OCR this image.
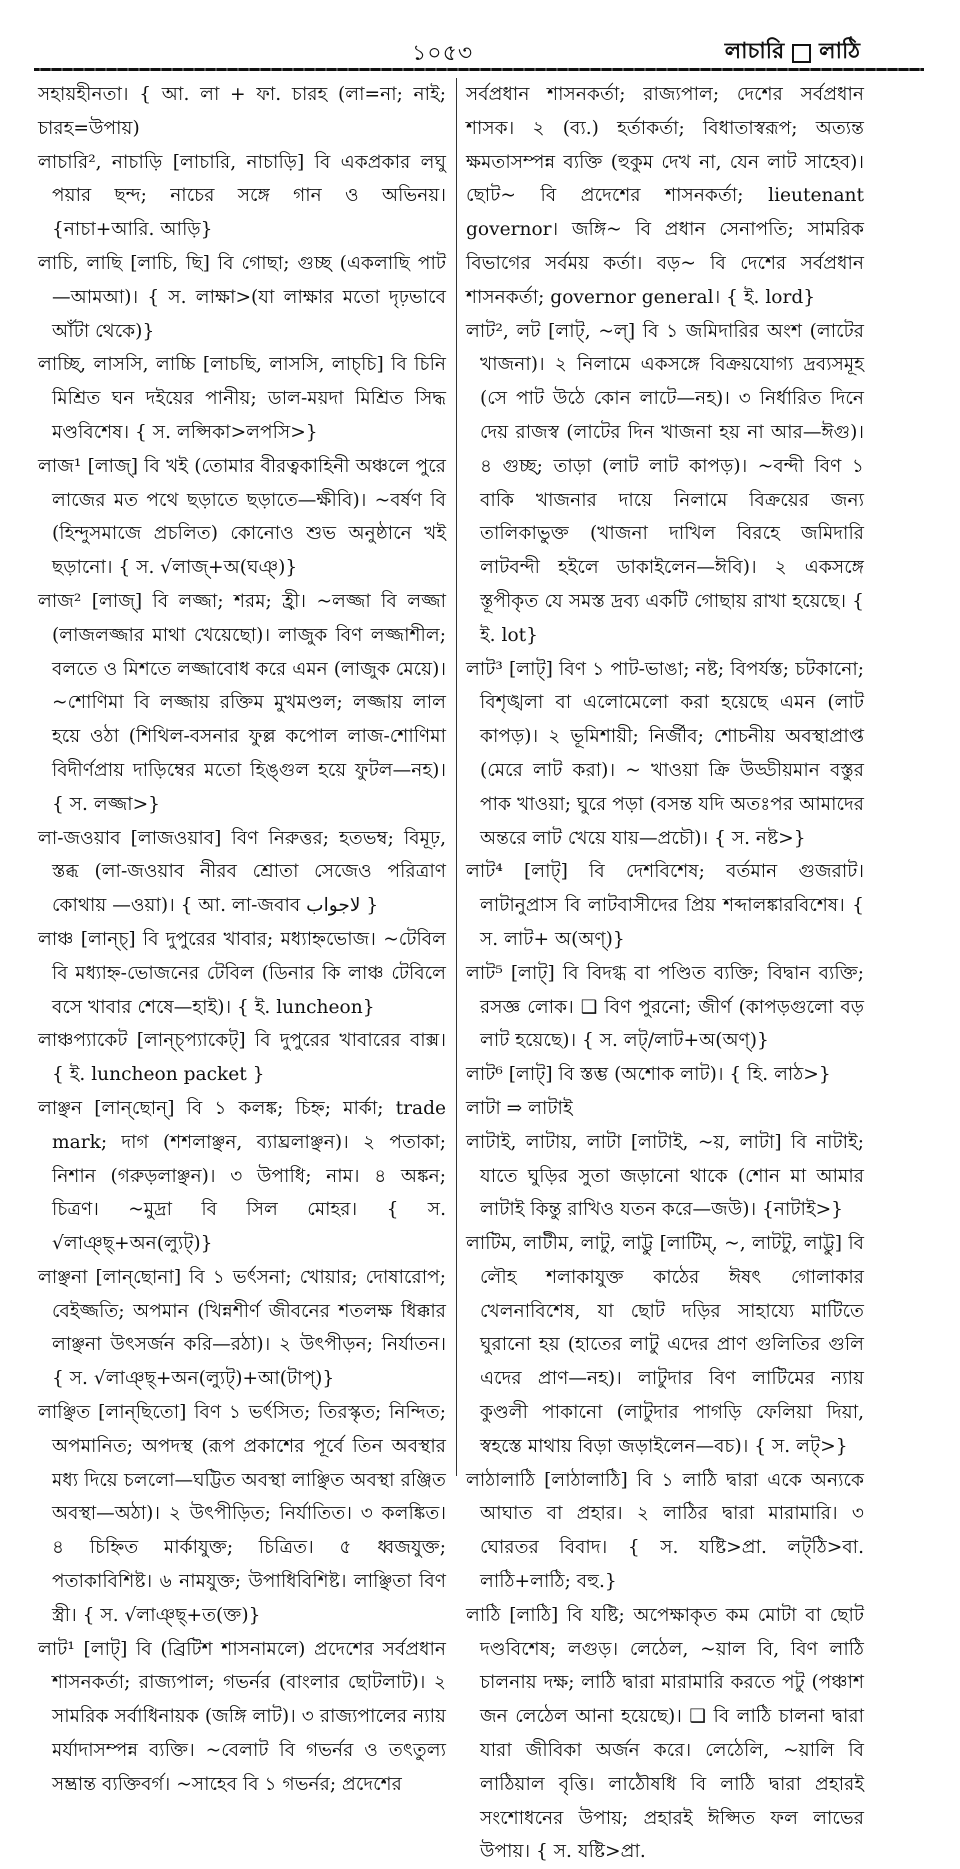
১০৫৩	লাচারি লাঠি

সহায়হীনতা। { আ. লা + ফা. চারহ (লা=না; নাই; চারহ=উপায়)

লাচারি², নাচাড়ি [লাচারি, নাচাড়ি] বি একপ্রকার লঘু পয়ার ছন্দ; নাচের সঙ্গে গান ও অভিনয়। {নাচা+আরি. আড়ি}

লাচি, লাছি [লাচি, ছি] বি গোছা; গুচ্ছ (একলাছি পাট—আমআ)। { স. লাক্ষা>(যা লাক্ষার মতো দৃঢ়ভাবে আঁটা থেকে)}

লাচ্ছি, লাসসি, লাচ্চি [লাচছি, লাসসি, লাচ্‌চি] বি চিনি মিশ্রিত ঘন দইয়ের পানীয়; ডাল-ময়দা মিশ্রিত সিদ্ধ মণ্ডবিশেষ। { স. লপ্সিকা>লপসি>}

লাজ¹ [লাজ্] বি খই (তোমার বীরত্বকাহিনী অঞ্চলে পুরে লাজের মত পথে ছড়াতে ছড়াতে—ক্ষীবি)। ~বর্ষণ বি (হিন্দুসমাজে প্রচলিত) কোনোও শুভ অনুষ্ঠানে খই ছড়ানো। { স. √লাজ্+অ(ঘঞ্)}

লাজ² [লাজ্] বি লজ্জা; শরম; হ্রী। ~লজ্জা বি লজ্জা (লাজলজ্জার মাথা খেয়েছো)। লাজুক বিণ লজ্জাশীল; বলতে ও মিশতে লজ্জাবোধ করে এমন (লাজুক মেয়ে)। ~শোণিমা বি লজ্জায় রক্তিম মুখমণ্ডল; লজ্জায় লাল হয়ে ওঠা (শিথিল-বসনার ফুল্ল কপোল লাজ-শোণিমা বিদীর্ণপ্রায় দাড়িম্বের মতো হিঙ্গুল হয়ে ফুটল—নহ)। { স. লজ্জা>}

লা-জওয়াব [লাজওয়াব] বিণ নিরুত্তর; হতভম্ব; বিমূঢ়, স্তব্ধ (লা-জওয়াব নীরব শ্রোতা সেজেও পরিত্রাণ কোথায় —ওয়া)। { আ. লা-জবাব لاجواب }

লাঞ্চ [লান্‌চ্] বি দুপুরের খাবার; মধ্যাহ্নভোজ। ~টেবিল বি মধ্যাহ্ন-ভোজনের টেবিল (ডিনার কি লাঞ্চ টেবিলে বসে খাবার শেষে—হাই)। { ই. luncheon}

লাঞ্চপ্যাকেট [লান্‌চ্‌প্যাকেট্] বি দুপুরের খাবারের বাক্স। { ই. luncheon packet }

লাঞ্ছন [লান্‌ছোন্] বি ১ কলঙ্ক; চিহ্ন; মার্কা; trade mark; দাগ (শশলাঞ্ছন, ব্যাঘ্রলাঞ্ছন)। ২ পতাকা; নিশান (গরুড়লাঞ্ছন)। ৩ উপাধি; নাম। ৪ অঙ্কন; চিত্রণ। ~মুদ্রা বি সিল মোহর। { স. √লাঞ্ছ্+অন(ল্যুট্)}

লাঞ্ছনা [লান্‌ছোনা] বি ১ ভর্ৎসনা; খোয়ার; দোষারোপ; বেইজ্জতি; অপমান (খিন্নশীর্ণ জীবনের শতলক্ষ ধিক্কার লাঞ্ছনা উৎসর্জন করি—রঠা)। ২ উৎপীড়ন; নির্যাতন। { স. √লাঞ্ছ্+অন(ল্যুট্)+আ(টাপ্)}

লাঞ্ছিত [লান্‌ছিতো] বিণ ১ ভর্ৎসিত; তিরস্কৃত; নিন্দিত; অপমানিত; অপদস্থ (রূপ প্রকাশের পূর্বে তিন অবস্থার মধ্য দিয়ে চললো—ঘট্টিত অবস্থা লাঞ্ছিত অবস্থা রঞ্জিত অবস্থা—অঠা)। ২ উৎপীড়িত; নির্যাতিত। ৩ কলঙ্কিত। ৪ চিহ্নিত মার্কাযুক্ত; চিত্রিত। ৫ ধ্বজযুক্ত; পতাকাবিশিষ্ট। ৬ নামযুক্ত; উপাধিবিশিষ্ট। লাঞ্ছিতা বিণ স্ত্রী। { স. √লাঞ্ছ্+ত(ক্ত)}

লাট¹ [লাট্] বি (ব্রিটিশ শাসনামলে) প্রদেশের সর্বপ্রধান শাসনকর্তা; রাজ্যপাল; গভর্নর (বাংলার ছোটলাট)। ২ সামরিক সর্বাধিনায়ক (জঙ্গি লাট)। ৩ রাজ্যপালের ন্যায় মর্যাদাসম্পন্ন ব্যক্তি। ~বেলাট বি গভর্নর ও তৎতুল্য সম্ভ্রান্ত ব্যক্তিবর্গ। ~সাহেব বি ১ গভর্নর; প্রদেশের

সর্বপ্রধান শাসনকর্তা; রাজ্যপাল; দেশের সর্বপ্রধান শাসক। ২ (ব্য.) হর্তাকর্তা; বিধাতাস্বরূপ; অত্যন্ত ক্ষমতাসম্পন্ন ব্যক্তি (হুকুম দেখ না, যেন লাট সাহেব)। ছোট~ বি প্রদেশের শাসনকর্তা; lieutenant governor। জঙ্গি~ বি প্রধান সেনাপতি; সামরিক বিভাগের সর্বময় কর্তা। বড়~ বি দেশের সর্বপ্রধান শাসনকর্তা; governor general। { ই. lord}

লাট², লট [লাট্, ~ল্] বি ১ জমিদারির অংশ (লাটের খাজনা)। ২ নিলামে একসঙ্গে বিক্রয়যোগ্য দ্রব্যসমূহ (সে পাট উঠে কোন লাটে—নহ)। ৩ নির্ধারিত দিনে দেয় রাজস্ব (লাটের দিন খাজনা হয় না আর—ঈগু)। ৪ গুচ্ছ; তাড়া (লাট লাট কাপড়)। ~বন্দী বিণ ১ বাকি খাজনার দায়ে নিলামে বিক্রয়ের জন্য তালিকাভুক্ত (খাজনা দাখিল বিরহে জমিদারি লাটবন্দী হইলে ডাকাইলেন—ঈবি)। ২ একসঙ্গে স্তূপীকৃত যে সমস্ত দ্রব্য একটি গোছায় রাখা হয়েছে। { ই. lot}

লাট³ [লাট্] বিণ ১ পাট-ভাঙা; নষ্ট; বিপর্যস্ত; চটকানো; বিশৃঙ্খলা বা এলোমেলো করা হয়েছে এমন (লাট কাপড়)। ২ ভূমিশায়ী; নির্জীব; শোচনীয় অবস্থাপ্রাপ্ত (মেরে লাট করা)। ~ খাওয়া ক্রি উড্ডীয়মান বস্তুর পাক খাওয়া; ঘুরে পড়া (বসন্ত যদি অতঃপর আমাদের অন্তরে লাট খেয়ে যায়—প্রচৌ)। { স. নষ্ট>}

লাট⁴ [লাট্] বি দেশবিশেষ; বর্তমান গুজরাট। লাটানুপ্রাস বি লাটবাসীদের প্রিয় শব্দালঙ্কারবিশেষ। { স. লাট+ অ(অণ্)}

লাট⁵ [লাট্] বি বিদগ্ধ বা পণ্ডিত ব্যক্তি; বিদ্বান ব্যক্তি; রসজ্ঞ লোক। ❑ বিণ পুরনো; জীর্ণ (কাপড়গুলো বড় লাট হয়েছে)। { স. লট্/লাট+অ(অণ্)}

লাট⁶ [লাট্] বি স্তম্ভ (অশোক লাট)। { হি. লাঠ>}

লাটা ⇒ লাটাই

লাটাই, লাটায়, লাটা [লাটাই, ~য়, লাটা] বি নাটাই; যাতে ঘুড়ির সুতা জড়ানো থাকে (শোন মা আমার লাটাই কিন্তু রাখিও যতন করে—জউ)। {নাটাই>}

লাটিম, লাটীম, লাটু, লাট্টু [লাটিম্, ~, লাটটু, লাট্টু] বি লৌহ শলাকাযুক্ত কাঠের ঈষৎ গোলাকার খেলনাবিশেষ, যা ছোট দড়ির সাহায্যে মাটিতে ঘুরানো হয় (হাতের লাটু এদের প্রাণ গুলিতির গুলি এদের প্রাণ—নহ)। লাটুদার বিণ লাটিমের ন্যায় কুণ্ডলী পাকানো (লাটুদার পাগড়ি ফেলিয়া দিয়া, স্বহস্তে মাথায় বিড়া জড়াইলেন—বচ)। { স. লট্>}

লাঠালাঠি [লাঠালাঠি] বি ১ লাঠি দ্বারা একে অন্যকে আঘাত বা প্রহার। ২ লাঠির দ্বারা মারামারি। ৩ ঘোরতর বিবাদ। { স. যষ্টি>প্রা. লট্‌ঠি>বা. লাঠি+লাঠি; বহু.}

লাঠি [লাঠি] বি যষ্টি; অপেক্ষাকৃত কম মোটা বা ছোট দণ্ডবিশেষ; লগুড়। লেঠেল, ~য়াল বি, বিণ লাঠি চালনায় দক্ষ; লাঠি দ্বারা মারামারি করতে পটু (পঞ্চাশ জন লেঠেল আনা হয়েছে)। ❑ বি লাঠি চালনা দ্বারা যারা জীবিকা অর্জন করে। লেঠেলি, ~য়ালি বি লাঠিয়াল বৃত্তি। লাঠৌষধি বি লাঠি দ্বারা প্রহারই সংশোধনের উপায়; প্রহারই ঈপ্সিত ফল লাভের উপায়। { স. যষ্টি>প্রা.
